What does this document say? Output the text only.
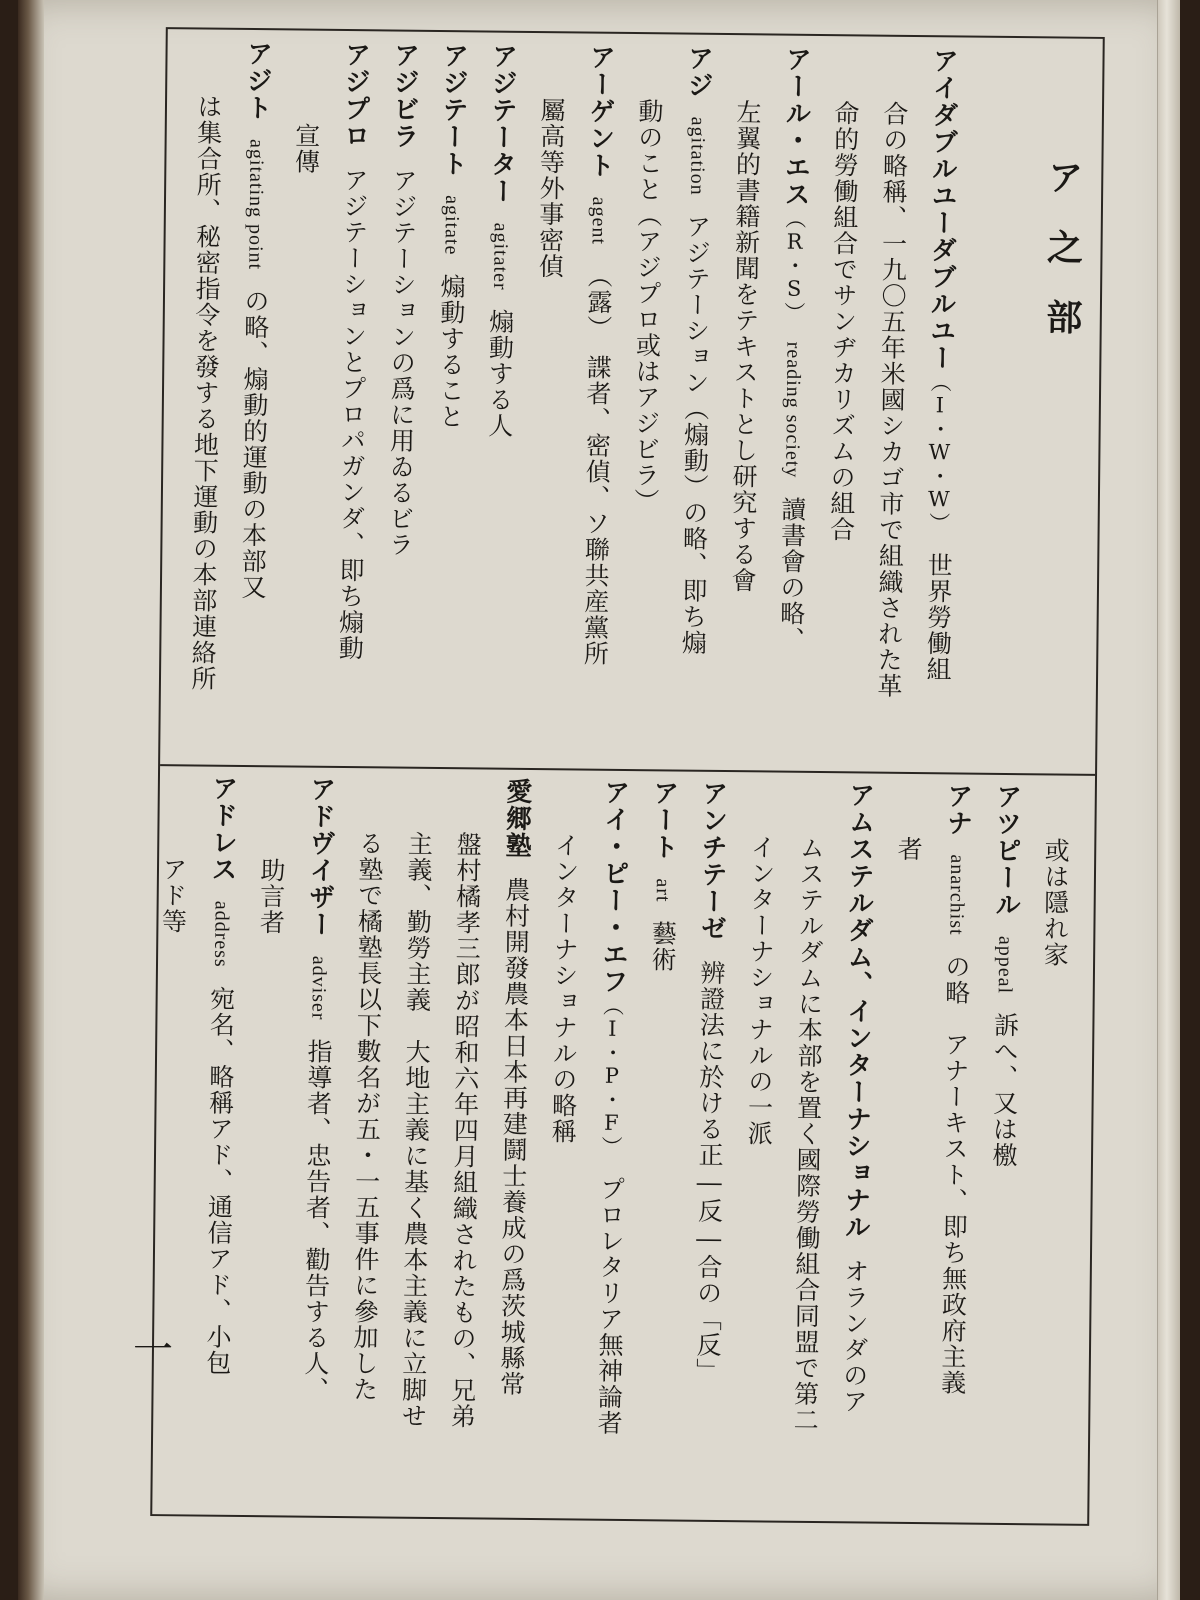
ア之部
アイダブルユーダブルユー（I・W・W）世界勞働組
合の略稱、一九〇五年米國シカゴ市で組織された革
命的勞働組合でサンヂカリズムの組合
アール・エス（R・S）reading society讀書會の略、
左翼的書籍新聞をテキストとし研究する會
アジagitationアジテーション（煽動）の略、即ち煽
動のこと（アジプロ或はアジビラ）
アーゲントagent（露）　諜者、密偵、ソ聯共産黨所
屬高等外事密偵
アジテーターagitater煽動する人
アジテートagitate煽動すること
アジビラアジテーションの爲に用ゐるビラ
アジプロアジテーションとプロパガンダ、即ち煽動
宣傳
アジトagitating pointの略、煽動的運動の本部又
は集合所、秘密指令を發する地下運動の本部連絡所
或は隱れ家
アツピールappeal訴へ、又は檄
アナanarchistの略　アナーキスト、即ち無政府主義
者
アムステルダム、インターナショナルオランダのア
ムステルダムに本部を置く國際勞働組合同盟で第二
インターナショナルの一派
アンチテーゼ辨證法に於ける正―反―合の「反」
アートart藝術
アイ・ピー・エフ（I・P・F）プロレタリア無神論者
インターナショナルの略稱
愛郷塾農村開發農本日本再建鬪士養成の爲茨城縣常
盤村橘孝三郎が昭和六年四月組織されたもの、兄弟
主義、勤勞主義　大地主義に基く農本主義に立脚せ
る塾で橘塾長以下數名が五・一五事件に參加した
アドヴイザーadviser指導者、忠告者、勸告する人、
助言者
アドレスaddress宛名、略稱アド、通信アド、小包
アド等
一
